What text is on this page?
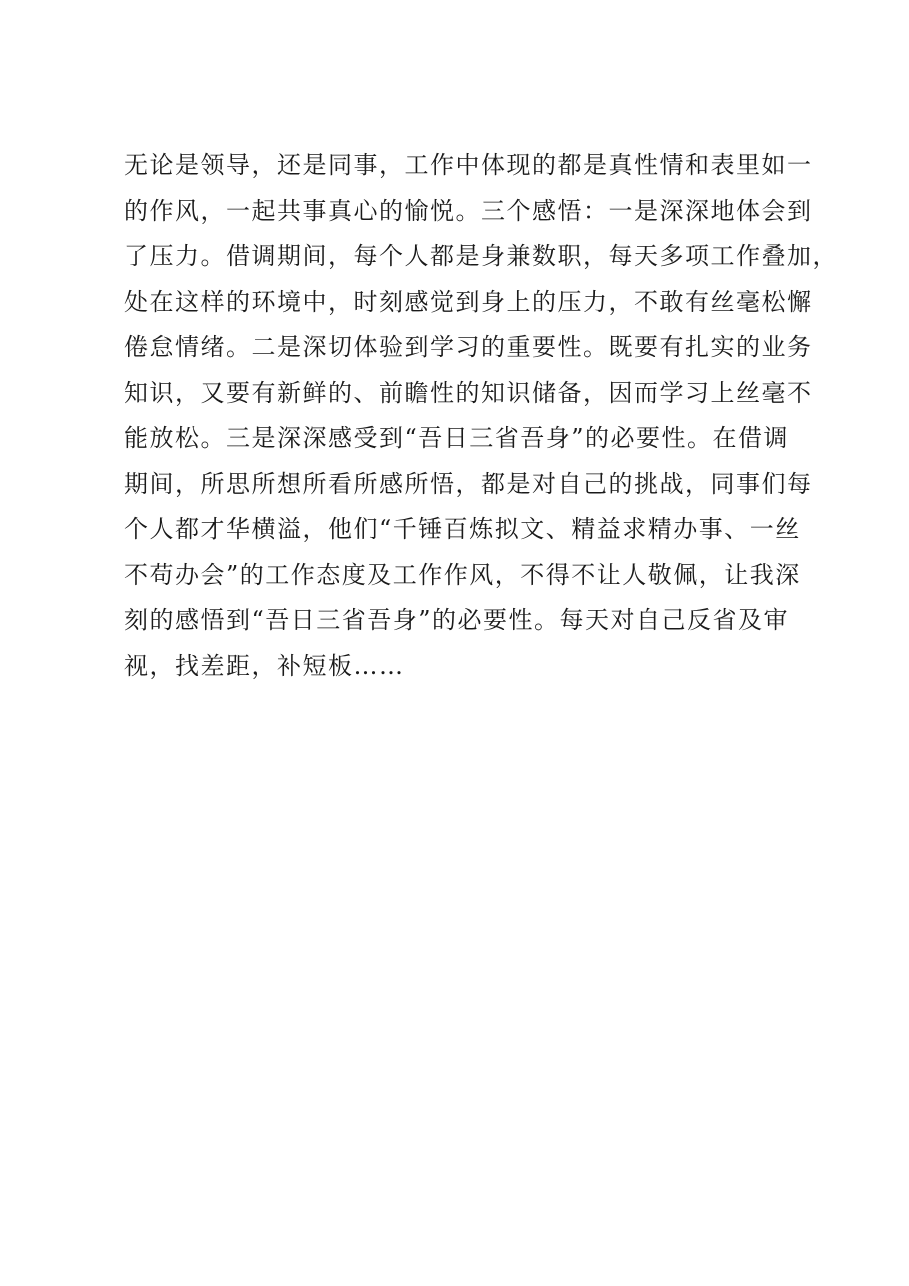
无论是领导，还是同事，工作中体现的都是真性情和表里如一
的作风，一起共事真心的愉悦。三个感悟：一是深深地体会到
了压力。借调期间，每个人都是身兼数职，每天多项工作叠加，
处在这样的环境中，时刻感觉到身上的压力，不敢有丝毫松懈
倦怠情绪。二是深切体验到学习的重要性。既要有扎实的业务
知识，又要有新鲜的、前瞻性的知识储备，因而学习上丝毫不
能放松。三是深深感受到“吾日三省吾身”的必要性。在借调
期间，所思所想所看所感所悟，都是对自己的挑战，同事们每
个人都才华横溢，他们“千锤百炼拟文、精益求精办事、一丝
不苟办会”的工作态度及工作作风，不得不让人敬佩，让我深
刻的感悟到“吾日三省吾身”的必要性。每天对自己反省及审
视，找差距，补短板……
